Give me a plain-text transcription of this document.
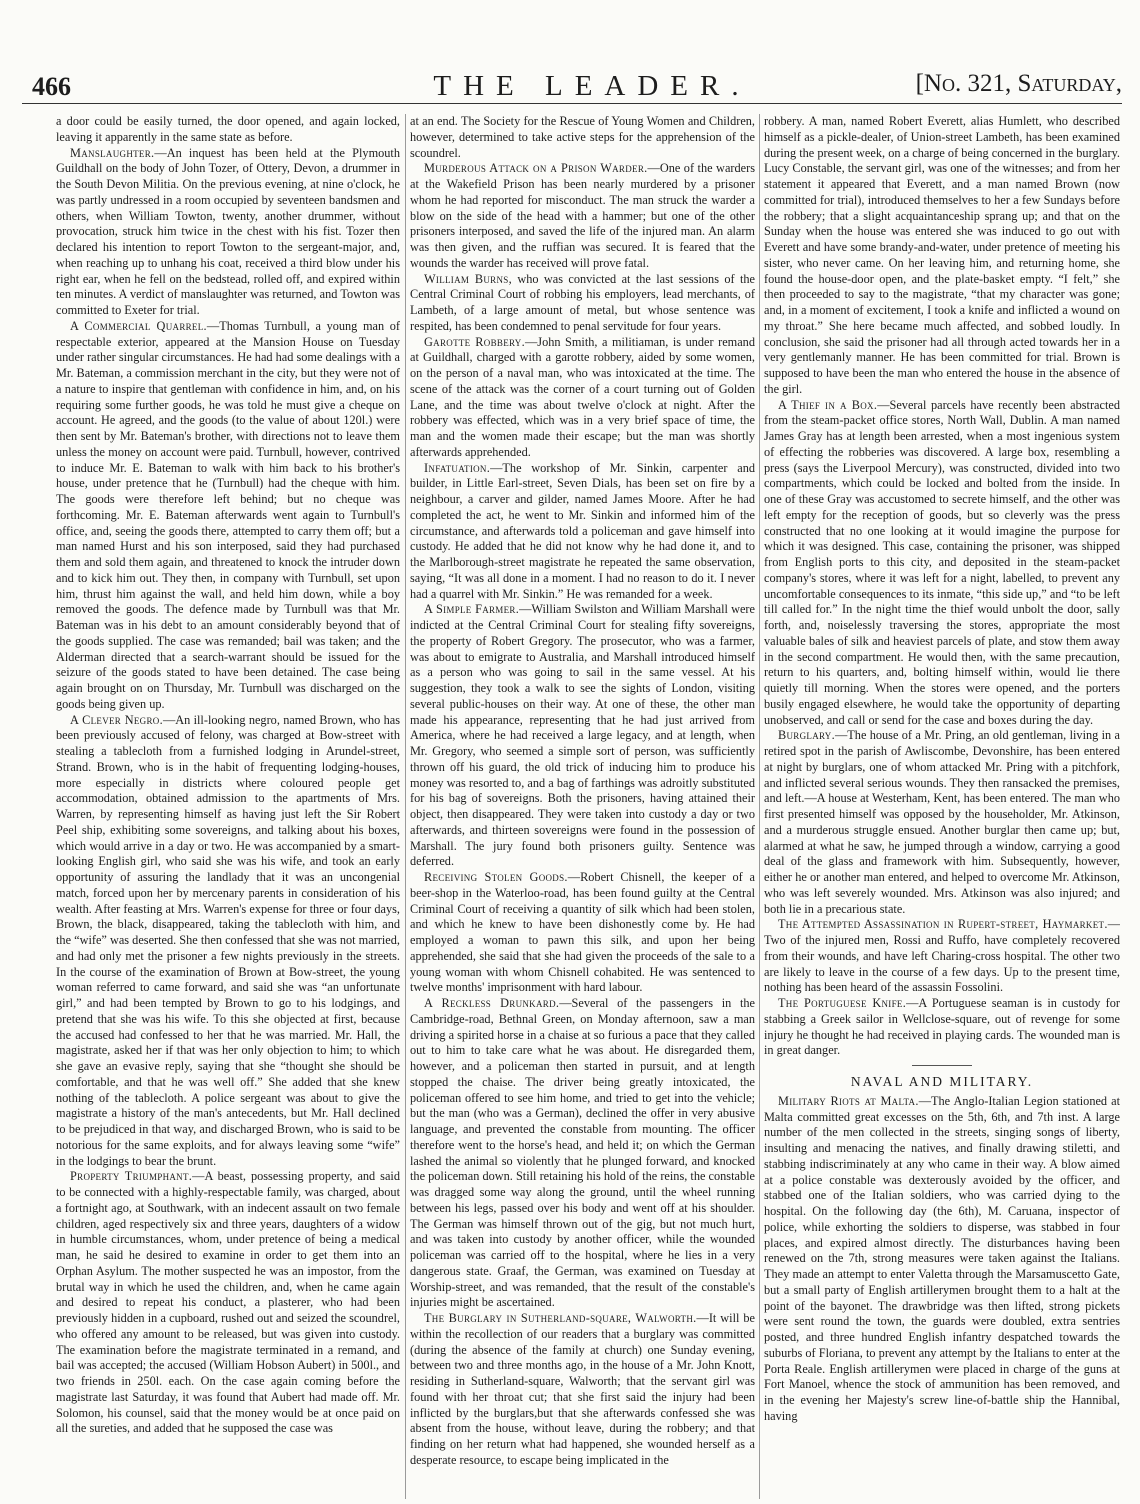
466	THE LEADER.	[No. 321, Saturday,

a door could be easily turned, the door opened, and again locked, leaving it apparently in the same state as before.

Manslaughter.—An inquest has been held at the Plymouth Guildhall on the body of John Tozer, of Ottery, Devon, a drummer in the South Devon Militia. On the previous evening, at nine o'clock, he was partly undressed in a room occupied by seventeen bandsmen and others, when William Towton, twenty, another drummer, without provocation, struck him twice in the chest with his fist. Tozer then declared his intention to report Towton to the sergeant-major, and, when reaching up to unhang his coat, received a third blow under his right ear, when he fell on the bedstead, rolled off, and expired within ten minutes. A verdict of manslaughter was returned, and Towton was committed to Exeter for trial.

A Commercial Quarrel.—Thomas Turnbull, a young man of respectable exterior, appeared at the Mansion House on Tuesday under rather singular circumstances. He had had some dealings with a Mr. Bateman, a commission merchant in the city, but they were not of a nature to inspire that gentleman with confidence in him, and, on his requiring some further goods, he was told he must give a cheque on account. He agreed, and the goods (to the value of about 120l.) were then sent by Mr. Bateman's brother, with directions not to leave them unless the money on account were paid. Turnbull, however, contrived to induce Mr. E. Bateman to walk with him back to his brother's house, under pretence that he (Turnbull) had the cheque with him. The goods were therefore left behind; but no cheque was forthcoming. Mr. E. Bateman afterwards went again to Turnbull's office, and, seeing the goods there, attempted to carry them off; but a man named Hurst and his son interposed, said they had purchased them and sold them again, and threatened to knock the intruder down and to kick him out. They then, in company with Turnbull, set upon him, thrust him against the wall, and held him down, while a boy removed the goods. The defence made by Turnbull was that Mr. Bateman was in his debt to an amount considerably beyond that of the goods supplied. The case was remanded; bail was taken; and the Alderman directed that a search-warrant should be issued for the seizure of the goods stated to have been detained. The case being again brought on on Thursday, Mr. Turnbull was discharged on the goods being given up.

A Clever Negro.—An ill-looking negro, named Brown, who has been previously accused of felony, was charged at Bow-street with stealing a tablecloth from a furnished lodging in Arundel-street, Strand. Brown, who is in the habit of frequenting lodging-houses, more especially in districts where coloured people get accommodation, obtained admission to the apartments of Mrs. Warren, by representing himself as having just left the Sir Robert Peel ship, exhibiting some sovereigns, and talking about his boxes, which would arrive in a day or two. He was accompanied by a smart-looking English girl, who said she was his wife, and took an early opportunity of assuring the landlady that it was an uncongenial match, forced upon her by mercenary parents in consideration of his wealth. After feasting at Mrs. Warren's expense for three or four days, Brown, the black, disappeared, taking the tablecloth with him, and the “wife” was deserted. She then confessed that she was not married, and had only met the prisoner a few nights previously in the streets. In the course of the examination of Brown at Bow-street, the young woman referred to came forward, and said she was “an unfortunate girl,” and had been tempted by Brown to go to his lodgings, and pretend that she was his wife. To this she objected at first, because the accused had confessed to her that he was married. Mr. Hall, the magistrate, asked her if that was her only objection to him; to which she gave an evasive reply, saying that she “thought she should be comfortable, and that he was well off.” She added that she knew nothing of the tablecloth. A police sergeant was about to give the magistrate a history of the man's antecedents, but Mr. Hall declined to be prejudiced in that way, and discharged Brown, who is said to be notorious for the same exploits, and for always leaving some “wife” in the lodgings to bear the brunt.

Property Triumphant.—A beast, possessing property, and said to be connected with a highly-respectable family, was charged, about a fortnight ago, at Southwark, with an indecent assault on two female children, aged respectively six and three years, daughters of a widow in humble circumstances, whom, under pretence of being a medical man, he said he desired to examine in order to get them into an Orphan Asylum. The mother suspected he was an impostor, from the brutal way in which he used the children, and, when he came again and desired to repeat his conduct, a plasterer, who had been previously hidden in a cupboard, rushed out and seized the scoundrel, who offered any amount to be released, but was given into custody. The examination before the magistrate terminated in a remand, and bail was accepted; the accused (William Hobson Aubert) in 500l., and two friends in 250l. each. On the case again coming before the magistrate last Saturday, it was found that Aubert had made off. Mr. Solomon, his counsel, said that the money would be at once paid on all the sureties, and added that he supposed the case was

at an end. The Society for the Rescue of Young Women and Children, however, determined to take active steps for the apprehension of the scoundrel.

Murderous Attack on a Prison Warder.—One of the warders at the Wakefield Prison has been nearly murdered by a prisoner whom he had reported for misconduct. The man struck the warder a blow on the side of the head with a hammer; but one of the other prisoners interposed, and saved the life of the injured man. An alarm was then given, and the ruffian was secured. It is feared that the wounds the warder has received will prove fatal.

William Burns, who was convicted at the last sessions of the Central Criminal Court of robbing his employers, lead merchants, of Lambeth, of a large amount of metal, but whose sentence was respited, has been condemned to penal servitude for four years.

Garotte Robbery.—John Smith, a militiaman, is under remand at Guildhall, charged with a garotte robbery, aided by some women, on the person of a naval man, who was intoxicated at the time. The scene of the attack was the corner of a court turning out of Golden Lane, and the time was about twelve o'clock at night. After the robbery was effected, which was in a very brief space of time, the man and the women made their escape; but the man was shortly afterwards apprehended.

Infatuation.—The workshop of Mr. Sinkin, carpenter and builder, in Little Earl-street, Seven Dials, has been set on fire by a neighbour, a carver and gilder, named James Moore. After he had completed the act, he went to Mr. Sinkin and informed him of the circumstance, and afterwards told a policeman and gave himself into custody. He added that he did not know why he had done it, and to the Marlborough-street magistrate he repeated the same observation, saying, “It was all done in a moment. I had no reason to do it. I never had a quarrel with Mr. Sinkin.” He was remanded for a week.

A Simple Farmer.—William Swilston and William Marshall were indicted at the Central Criminal Court for stealing fifty sovereigns, the property of Robert Gregory. The prosecutor, who was a farmer, was about to emigrate to Australia, and Marshall introduced himself as a person who was going to sail in the same vessel. At his suggestion, they took a walk to see the sights of London, visiting several public-houses on their way. At one of these, the other man made his appearance, representing that he had just arrived from America, where he had received a large legacy, and at length, when Mr. Gregory, who seemed a simple sort of person, was sufficiently thrown off his guard, the old trick of inducing him to produce his money was resorted to, and a bag of farthings was adroitly substituted for his bag of sovereigns. Both the prisoners, having attained their object, then disappeared. They were taken into custody a day or two afterwards, and thirteen sovereigns were found in the possession of Marshall. The jury found both prisoners guilty. Sentence was deferred.

Receiving Stolen Goods.—Robert Chisnell, the keeper of a beer-shop in the Waterloo-road, has been found guilty at the Central Criminal Court of receiving a quantity of silk which had been stolen, and which he knew to have been dishonestly come by. He had employed a woman to pawn this silk, and upon her being apprehended, she said that she had given the proceeds of the sale to a young woman with whom Chisnell cohabited. He was sentenced to twelve months' imprisonment with hard labour.

A Reckless Drunkard.—Several of the passengers in the Cambridge-road, Bethnal Green, on Monday afternoon, saw a man driving a spirited horse in a chaise at so furious a pace that they called out to him to take care what he was about. He disregarded them, however, and a policeman then started in pursuit, and at length stopped the chaise. The driver being greatly intoxicated, the policeman offered to see him home, and tried to get into the vehicle; but the man (who was a German), declined the offer in very abusive language, and prevented the constable from mounting. The officer therefore went to the horse's head, and held it; on which the German lashed the animal so violently that he plunged forward, and knocked the policeman down. Still retaining his hold of the reins, the constable was dragged some way along the ground, until the wheel running between his legs, passed over his body and went off at his shoulder. The German was himself thrown out of the gig, but not much hurt, and was taken into custody by another officer, while the wounded policeman was carried off to the hospital, where he lies in a very dangerous state. Graaf, the German, was examined on Tuesday at Worship-street, and was remanded, that the result of the constable's injuries might be ascertained.

The Burglary in Sutherland-square, Walworth.—It will be within the recollection of our readers that a burglary was committed (during the absence of the family at church) one Sunday evening, between two and three months ago, in the house of a Mr. John Knott, residing in Sutherland-square, Walworth; that the servant girl was found with her throat cut; that she first said the injury had been inflicted by the burglars,but that she afterwards confessed she was absent from the house, without leave, during the robbery; and that finding on her return what had happened, she wounded herself as a desperate resource, to escape being implicated in the

robbery. A man, named Robert Everett, alias Humlett, who described himself as a pickle-dealer, of Union-street Lambeth, has been examined during the present week, on a charge of being concerned in the burglary. Lucy Constable, the servant girl, was one of the witnesses; and from her statement it appeared that Everett, and a man named Brown (now committed for trial), introduced themselves to her a few Sundays before the robbery; that a slight acquaintanceship sprang up; and that on the Sunday when the house was entered she was induced to go out with Everett and have some brandy-and-water, under pretence of meeting his sister, who never came. On her leaving him, and returning home, she found the house-door open, and the plate-basket empty. “I felt,” she then proceeded to say to the magistrate, “that my character was gone; and, in a moment of excitement, I took a knife and inflicted a wound on my throat.” She here became much affected, and sobbed loudly. In conclusion, she said the prisoner had all through acted towards her in a very gentlemanly manner. He has been committed for trial. Brown is supposed to have been the man who entered the house in the absence of the girl.

A Thief in a Box.—Several parcels have recently been abstracted from the steam-packet office stores, North Wall, Dublin. A man named James Gray has at length been arrested, when a most ingenious system of effecting the robberies was discovered. A large box, resembling a press (says the Liverpool Mercury), was constructed, divided into two compartments, which could be locked and bolted from the inside. In one of these Gray was accustomed to secrete himself, and the other was left empty for the reception of goods, but so cleverly was the press constructed that no one looking at it would imagine the purpose for which it was designed. This case, containing the prisoner, was shipped from English ports to this city, and deposited in the steam-packet company's stores, where it was left for a night, labelled, to prevent any uncomfortable consequences to its inmate, “this side up,” and “to be left till called for.” In the night time the thief would unbolt the door, sally forth, and, noiselessly traversing the stores, appropriate the most valuable bales of silk and heaviest parcels of plate, and stow them away in the second compartment. He would then, with the same precaution, return to his quarters, and, bolting himself within, would lie there quietly till morning. When the stores were opened, and the porters busily engaged elsewhere, he would take the opportunity of departing unobserved, and call or send for the case and boxes during the day.

Burglary.—The house of a Mr. Pring, an old gentleman, living in a retired spot in the parish of Awliscombe, Devonshire, has been entered at night by burglars, one of whom attacked Mr. Pring with a pitchfork, and inflicted several serious wounds. They then ransacked the premises, and left.—A house at Westerham, Kent, has been entered. The man who first presented himself was opposed by the householder, Mr. Atkinson, and a murderous struggle ensued. Another burglar then came up; but, alarmed at what he saw, he jumped through a window, carrying a good deal of the glass and framework with him. Subsequently, however, either he or another man entered, and helped to overcome Mr. Atkinson, who was left severely wounded. Mrs. Atkinson was also injured; and both lie in a precarious state.

The Attempted Assassination in Rupert-street, Haymarket.—Two of the injured men, Rossi and Ruffo, have completely recovered from their wounds, and have left Charing-cross hospital. The other two are likely to leave in the course of a few days. Up to the present time, nothing has been heard of the assassin Fossolini.

The Portuguese Knife.—A Portuguese seaman is in custody for stabbing a Greek sailor in Wellclose-square, out of revenge for some injury he thought he had received in playing cards. The wounded man is in great danger.

NAVAL AND MILITARY.

Military Riots at Malta.—The Anglo-Italian Legion stationed at Malta committed great excesses on the 5th, 6th, and 7th inst. A large number of the men collected in the streets, singing songs of liberty, insulting and menacing the natives, and finally drawing stiletti, and stabbing indiscriminately at any who came in their way. A blow aimed at a police constable was dexterously avoided by the officer, and stabbed one of the Italian soldiers, who was carried dying to the hospital. On the following day (the 6th), M. Caruana, inspector of police, while exhorting the soldiers to disperse, was stabbed in four places, and expired almost directly. The disturbances having been renewed on the 7th, strong measures were taken against the Italians. They made an attempt to enter Valetta through the Marsamuscetto Gate, but a small party of English artillerymen brought them to a halt at the point of the bayonet. The drawbridge was then lifted, strong pickets were sent round the town, the guards were doubled, extra sentries posted, and three hundred English infantry despatched towards the suburbs of Floriana, to prevent any attempt by the Italians to enter at the Porta Reale. English artillerymen were placed in charge of the guns at Fort Manoel, whence the stock of ammunition has been removed, and in the evening her Majesty's screw line-of-battle ship the Hannibal, having
